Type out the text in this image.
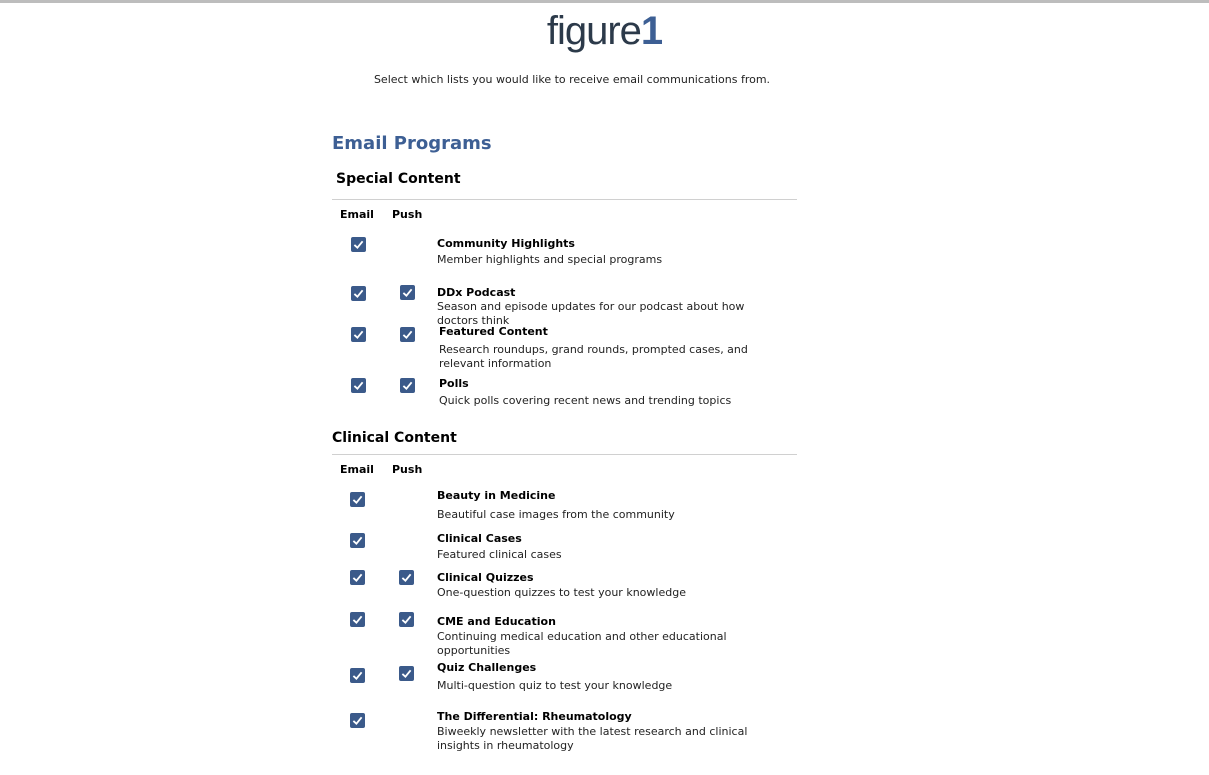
figure1
Select which lists you would like to receive email communications from.
Email Programs
Special Content
Email Push
Community Highlights
Member highlights and special programs
DDx Podcast
Season and episode updates for our podcast about how doctors think
Featured Content
Research roundups, grand rounds, prompted cases, and relevant information
Polls
Quick polls covering recent news and trending topics
Clinical Content
Email Push
Beauty in Medicine
Beautiful case images from the community
Clinical Cases
Featured clinical cases
Clinical Quizzes
One-question quizzes to test your knowledge
CME and Education
Continuing medical education and other educational opportunities
Quiz Challenges
Multi-question quiz to test your knowledge
The Differential: Rheumatology
Biweekly newsletter with the latest research and clinical insights in rheumatology
